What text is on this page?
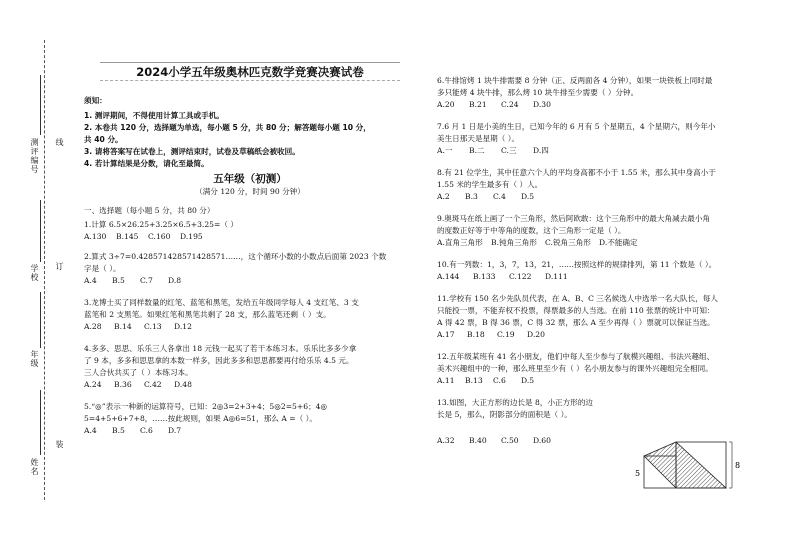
线
订
装
测评编号
学校
年级
姓名
2024小学五年级奥林匹克数学竞赛决赛试卷
须知：
1. 测评期间，不得使用计算工具或手机。
2. 本卷共 120 分，选择题为单选，每小题 5 分，共 80 分；解答题每小题 10 分，
共 40 分。
3. 请将答案写在试卷上，测评结束时，试卷及草稿纸会被收回。
4. 若计算结果是分数，请化至最简。
五年级（初测）
（满分 120 分，时间 90 分钟）
一、选择题（每小题 5 分，共 80 分）
1.计算 6.5×26.25+3.25×6.5+3.25=（ ）
A.130 B.145 C.160 D.195
2.算式 3÷7=0.428571428571428571……，这个循环小数的小数点后面第 2023 个数
字是（ ）。
A.4 B.5 C.7 D.8
3.龙博士买了同样数量的红笔、蓝笔和黑笔，发给五年级同学每人 4 支红笔、3 支
蓝笔和 2 支黑笔。如果红笔和黑笔共剩了 28 支，那么蓝笔还剩（ ）支。
A.28 B.14 C.13 D.12
4.多多、思思、乐乐三人各拿出 18 元钱一起买了若干本练习本。乐乐比多多少拿
了 9 本，多多和思思拿的本数一样多，因此多多和思思都要再付给乐乐 4.5 元。
三人合伙共买了（ ）本练习本。
A.24 B.36 C.42 D.48
5.“◎”表示一种新的运算符号，已知：2◎3=2+3+4；5◎2=5+6；4◎
5=4+5+6+7+8，……按此规则，如果 A◎6=51，那么 A =（ ）。
A.4 B.5 C.6 D.7
6.牛排馆烤 1 块牛排需要 8 分钟（正、反两面各 4 分钟），如果一块铁板上同时最
多只能烤 4 块牛排，那么烤 10 块牛排至少需要（ ）分钟。
A.20 B.21 C.24 D.30
7.6 月 1 日是小美的生日，已知今年的 6 月有 5 个星期五，4 个星期六，则今年小
美生日那天是星期（ ）。
A.一 B.二 C.三 D.四
8.有 21 位学生，其中任意六个人的平均身高都不小于 1.55 米，那么其中身高小于
1.55 米的学生最多有（ ）人。
A.2 B.3 C.4 D.5
9.奥斑马在纸上画了一个三角形，然后阿欧敢：这个三角形中的最大角减去最小角
的度数正好等于中等角的度数，这个三角形一定是（ ）。
A.直角三角形 B.钝角三角形 C.锐角三角形 D.不能确定
10.有一列数：1，3，7，13，21，……按照这样的规律排列，第 11 个数是（ ）。
A.144 B.133 C.122 D.111
11.学校有 150 名少先队员代表，在 A、B、C 三名候选人中选举一名大队长，每人
只能投一票，不能弃权不投票，得票最多的人当选。在前 110 张票的统计中可知：
A 得 42 票，B 得 36 票，C 得 32 票，那么 A 至少再得（ ）票就可以保证当选。
A.17 B.18 C.19 D.20
12.五年级某班有 41 名小朋友，他们中每人至少参与了航模兴趣组、书法兴趣组、
美术兴趣组中的一种，那么班里至少有（ ）名小朋友参与的课外兴趣组完全相同。
A.11 B.13 C.6 D.5
13.如图，大正方形的边长是 8，小正方形的边
长是 5，那么，阴影部分的面积是（ ）。
A.32 B.40 C.50 D.60
8
5
